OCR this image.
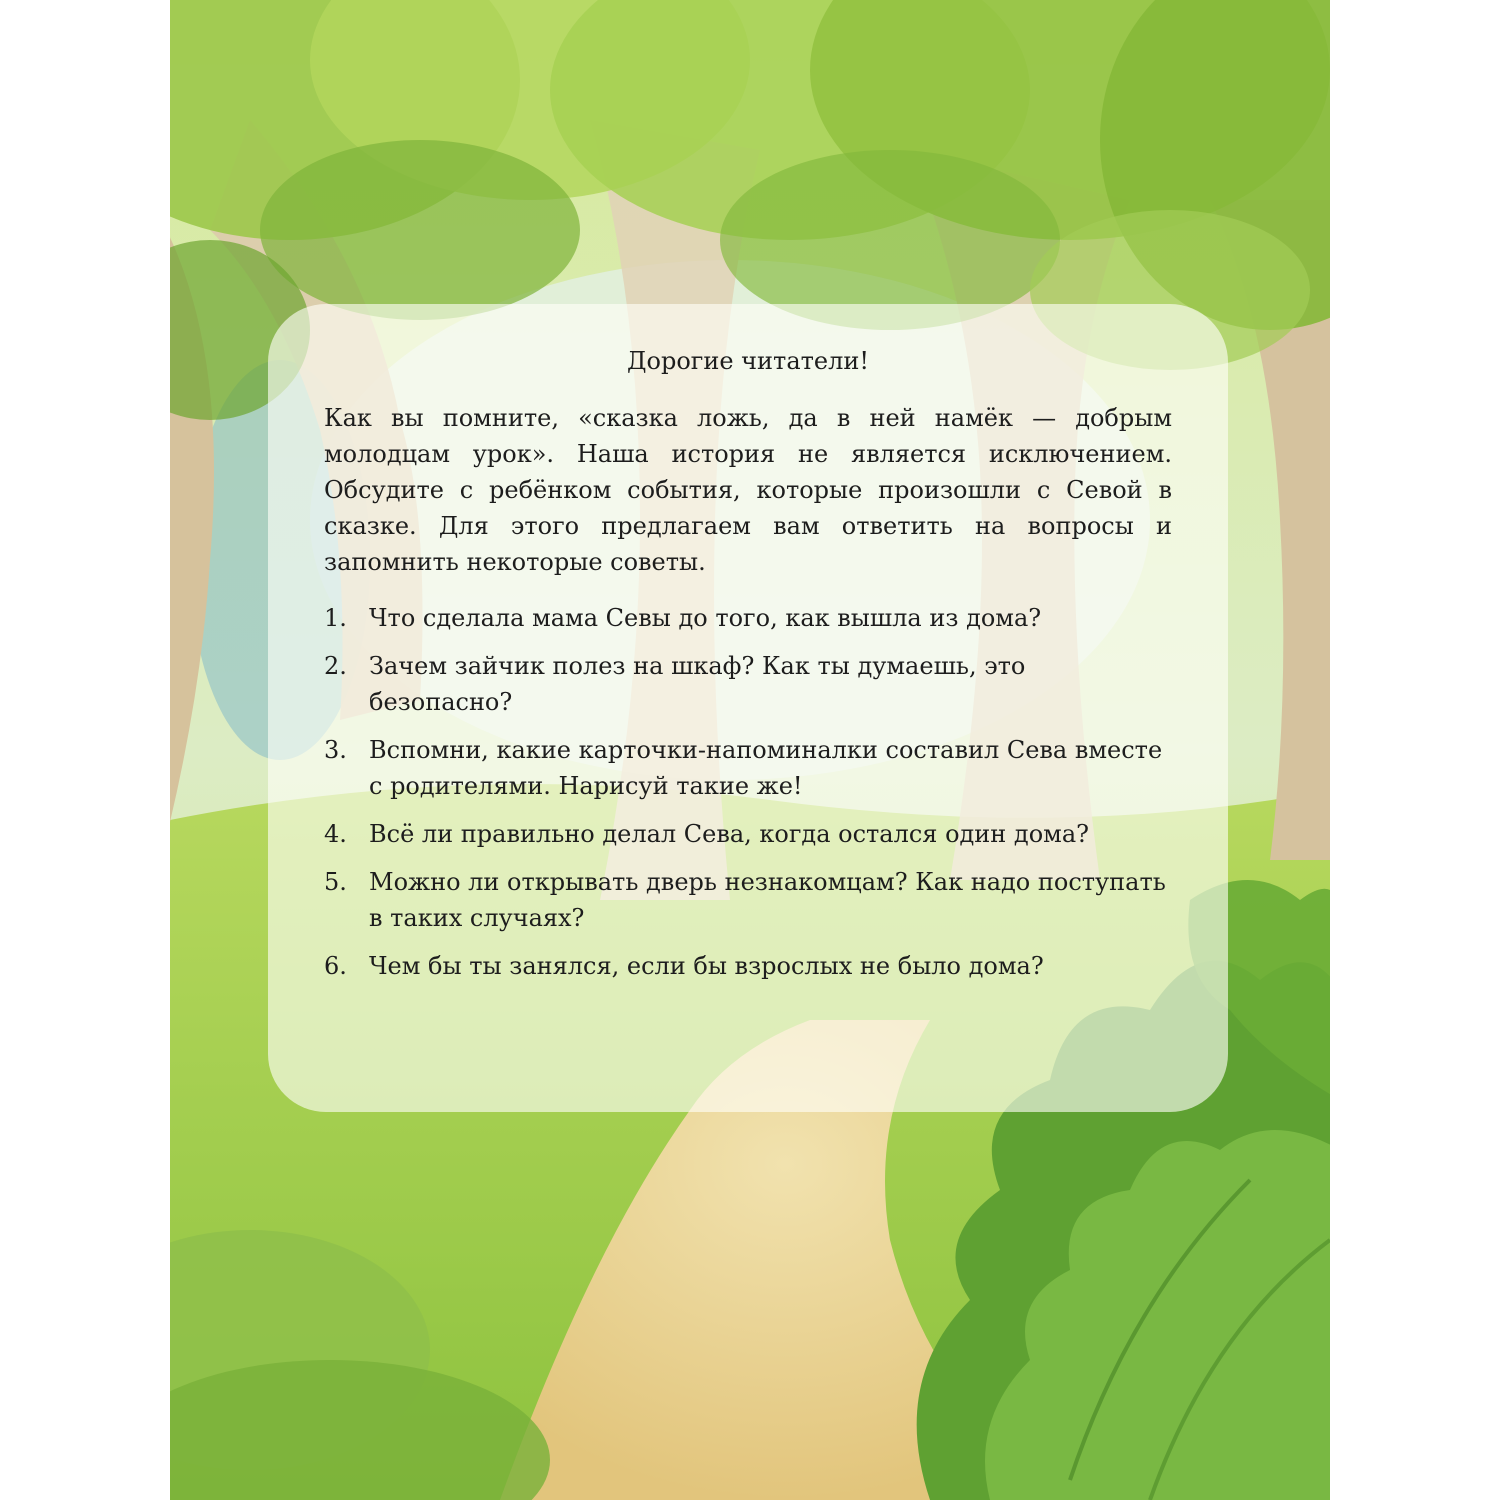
Дорогие читатели!

Как вы помните, «сказка ложь, да в ней намёк — добрым молодцам урок». Наша история не является исключением. Обсудите с ребёнком события, которые произошли с Севой в сказке. Для этого предлагаем вам ответить на вопросы и запомнить некоторые советы.

1. Что сделала мама Севы до того, как вышла из дома?
2. Зачем зайчик полез на шкаф? Как ты думаешь, это безопасно?
3. Вспомни, какие карточки-напоминалки составил Сева вместе с родителями. Нарисуй такие же!
4. Всё ли правильно делал Сева, когда остался один дома?
5. Можно ли открывать дверь незнакомцам? Как надо поступать в таких случаях?
6. Чем бы ты занялся, если бы взрослых не было дома?
